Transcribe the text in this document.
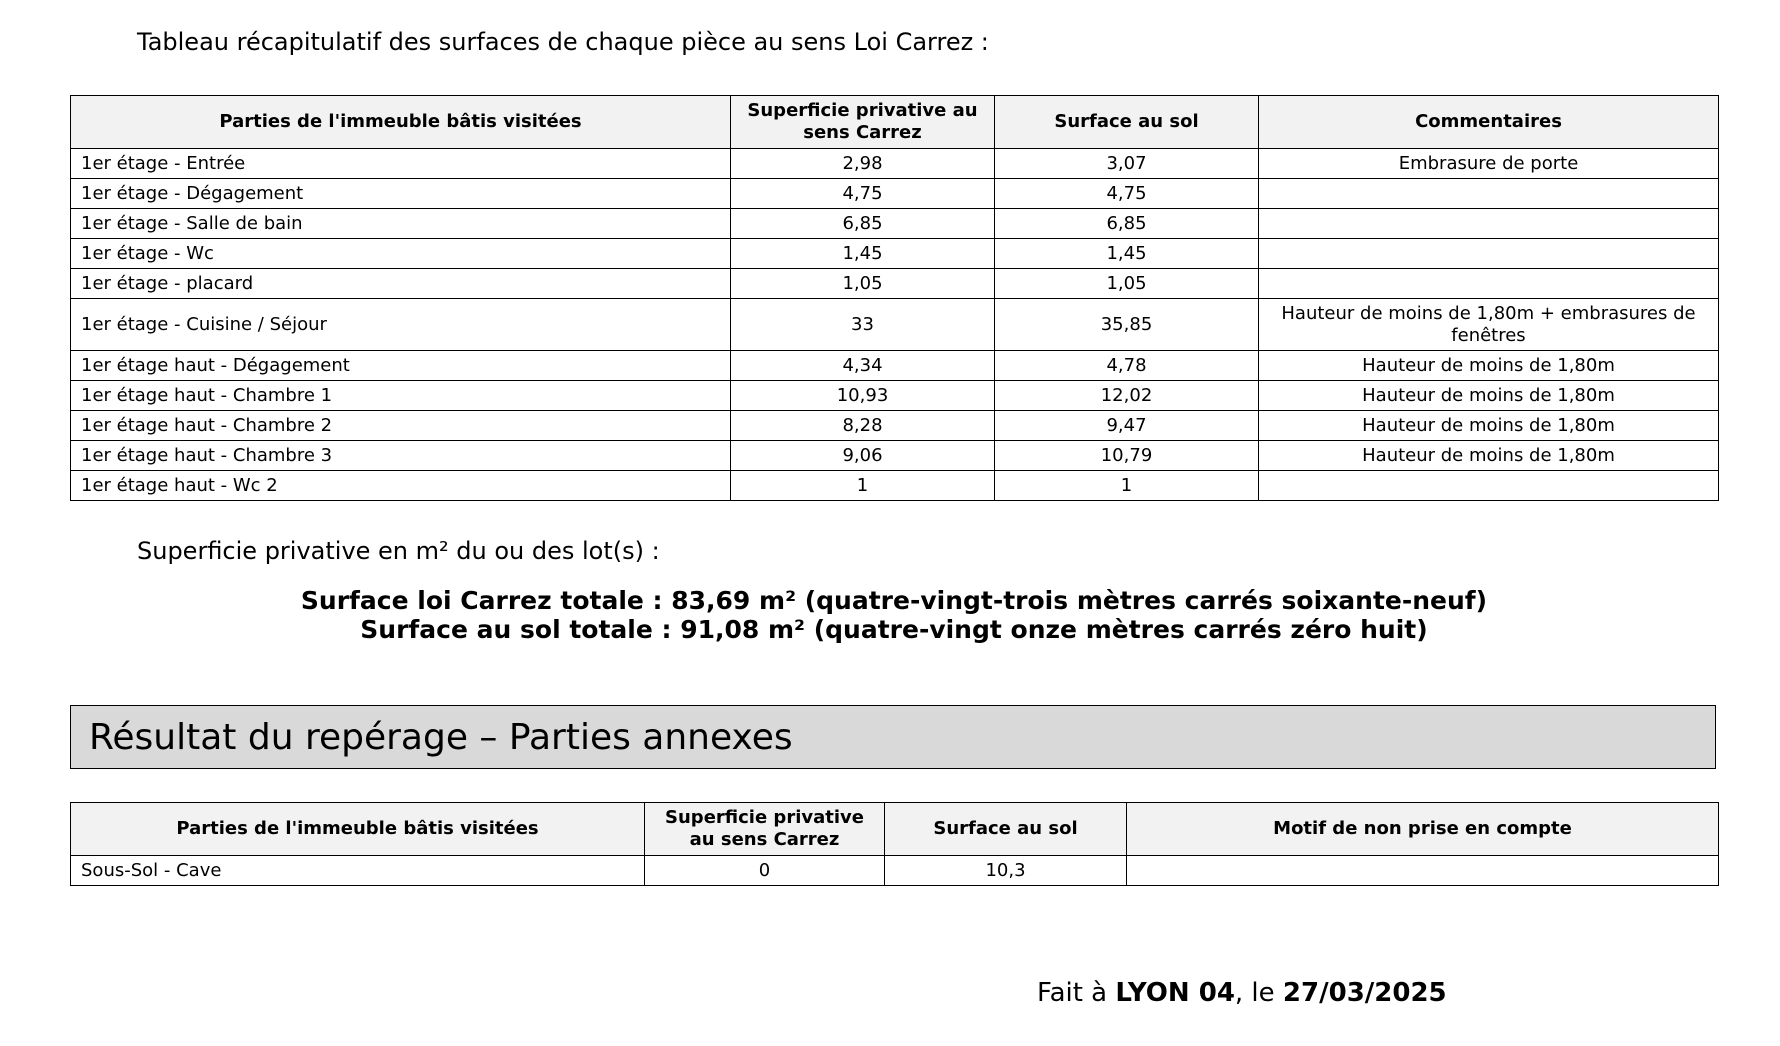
Tableau récapitulatif des surfaces de chaque pièce au sens Loi Carrez :

Parties de l'immeuble bâtis visitées	Superficie privative au sens Carrez	Surface au sol	Commentaires
1er étage - Entrée	2,98	3,07	Embrasure de porte
1er étage - Dégagement	4,75	4,75	
1er étage - Salle de bain	6,85	6,85	
1er étage - Wc	1,45	1,45	
1er étage - placard	1,05	1,05	
1er étage - Cuisine / Séjour	33	35,85	Hauteur de moins de 1,80m + embrasures de fenêtres
1er étage haut - Dégagement	4,34	4,78	Hauteur de moins de 1,80m
1er étage haut - Chambre 1	10,93	12,02	Hauteur de moins de 1,80m
1er étage haut - Chambre 2	8,28	9,47	Hauteur de moins de 1,80m
1er étage haut - Chambre 3	9,06	10,79	Hauteur de moins de 1,80m
1er étage haut - Wc 2	1	1	

Superficie privative en m² du ou des lot(s) :

Surface loi Carrez totale : 83,69 m² (quatre-vingt-trois mètres carrés soixante-neuf)

Surface au sol totale : 91,08 m² (quatre-vingt onze mètres carrés zéro huit)

Résultat du repérage – Parties annexes
Parties de l'immeuble bâtis visitées	Superficie privative au sens Carrez	Surface au sol	Motif de non prise en compte
Sous-Sol - Cave	0	10,3	

Fait à LYON 04, le 27/03/2025
